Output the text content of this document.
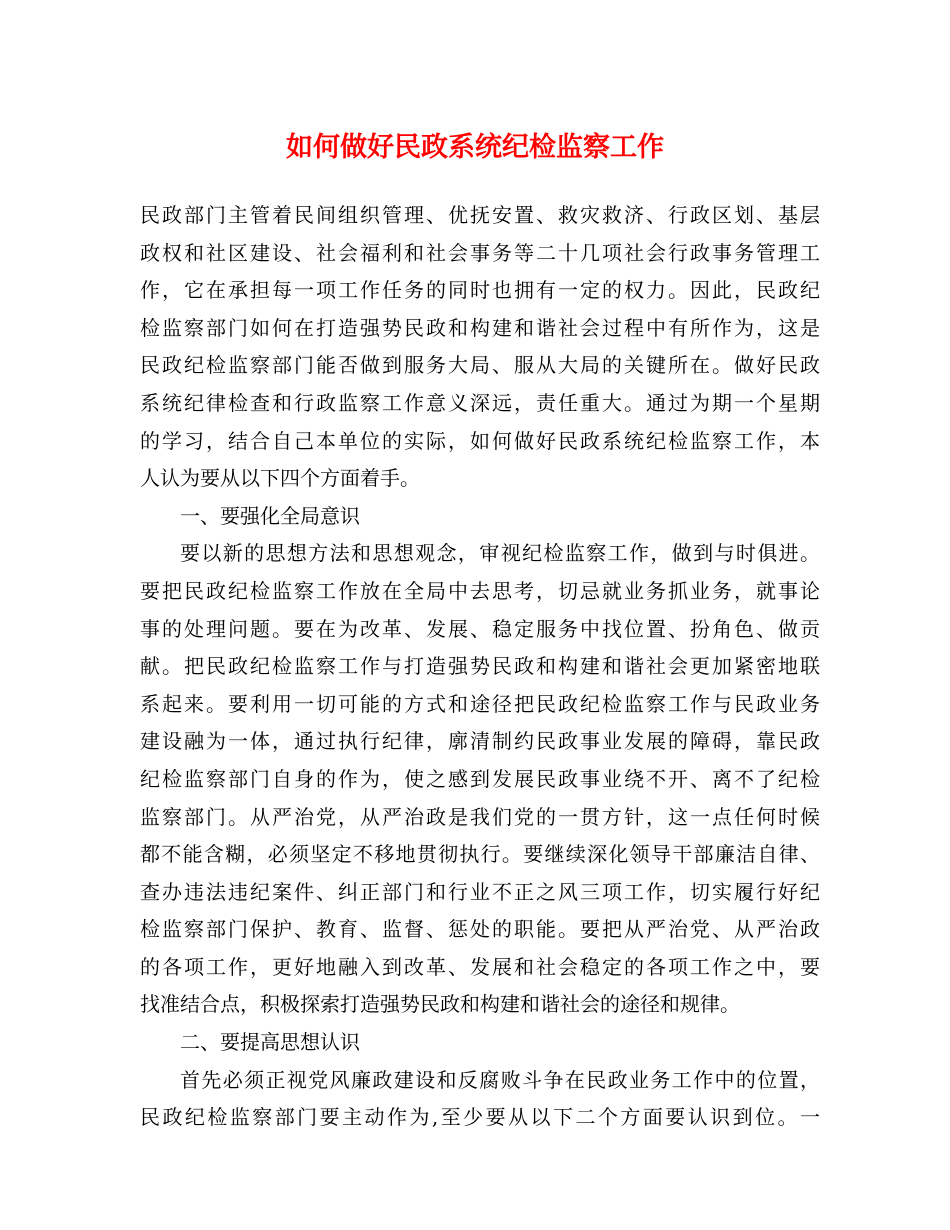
如何做好民政系统纪检监察工作
民政部门主管着民间组织管理、优抚安置、救灾救济、行政区划、基层
政权和社区建设、社会福利和社会事务等二十几项社会行政事务管理工
作，它在承担每一项工作任务的同时也拥有一定的权力。因此，民政纪
检监察部门如何在打造强势民政和构建和谐社会过程中有所作为，这是
民政纪检监察部门能否做到服务大局、服从大局的关键所在。做好民政
系统纪律检查和行政监察工作意义深远，责任重大。通过为期一个星期
的学习，结合自己本单位的实际，如何做好民政系统纪检监察工作，本
人认为要从以下四个方面着手。
一、要强化全局意识
要以新的思想方法和思想观念，审视纪检监察工作，做到与时俱进。
要把民政纪检监察工作放在全局中去思考，切忌就业务抓业务，就事论
事的处理问题。要在为改革、发展、稳定服务中找位置、扮角色、做贡
献。把民政纪检监察工作与打造强势民政和构建和谐社会更加紧密地联
系起来。要利用一切可能的方式和途径把民政纪检监察工作与民政业务
建设融为一体，通过执行纪律，廓清制约民政事业发展的障碍，靠民政
纪检监察部门自身的作为，使之感到发展民政事业绕不开、离不了纪检
监察部门。从严治党，从严治政是我们党的一贯方针，这一点任何时候
都不能含糊，必须坚定不移地贯彻执行。要继续深化领导干部廉洁自律、
查办违法违纪案件、纠正部门和行业不正之风三项工作，切实履行好纪
检监察部门保护、教育、监督、惩处的职能。要把从严治党、从严治政
的各项工作，更好地融入到改革、发展和社会稳定的各项工作之中，要
找准结合点，积极探索打造强势民政和构建和谐社会的途径和规律。
二、要提高思想认识
首先必须正视党风廉政建设和反腐败斗争在民政业务工作中的位置，
民政纪检监察部门要主动作为,至少要从以下二个方面要认识到位。一
